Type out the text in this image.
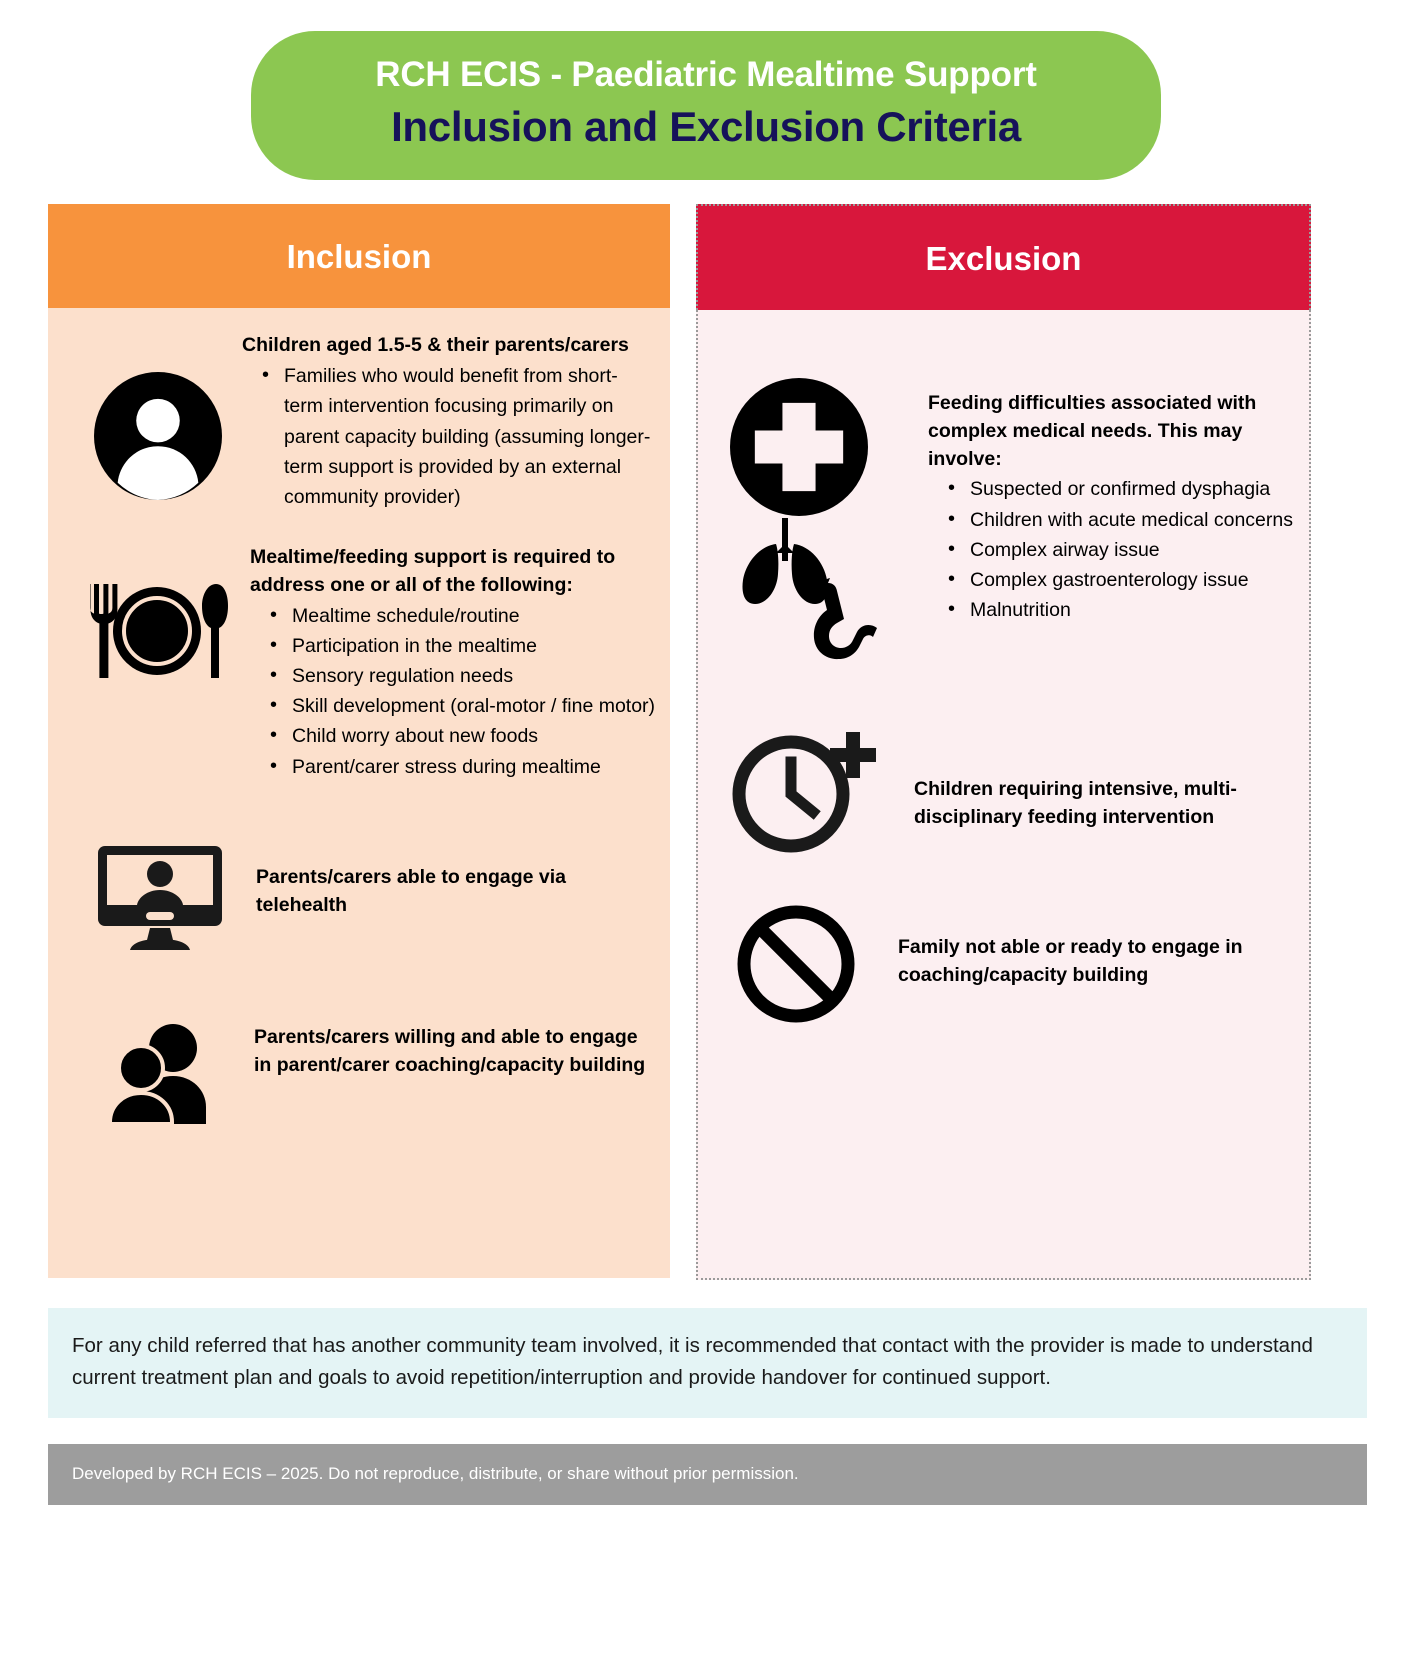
RCH ECIS - Paediatric Mealtime Support
Inclusion and Exclusion Criteria
Inclusion
Children aged 1.5-5 & their parents/carers
• Families who would benefit from short-term intervention focusing primarily on parent capacity building (assuming longer-term support is provided by an external community provider)
Mealtime/feeding support is required to address one or all of the following:
• Mealtime schedule/routine
• Participation in the mealtime
• Sensory regulation needs
• Skill development (oral-motor / fine motor)
• Child worry about new foods
• Parent/carer stress during mealtime
Parents/carers able to engage via telehealth
Parents/carers willing and able to engage in parent/carer coaching/capacity building
Exclusion
Feeding difficulties associated with complex medical needs. This may involve:
• Suspected or confirmed dysphagia
• Children with acute medical concerns
• Complex airway issue
• Complex gastroenterology issue
• Malnutrition
Children requiring intensive, multi-disciplinary feeding intervention
Family not able or ready to engage in coaching/capacity building

For any child referred that has another community team involved, it is recommended that contact with the provider is made to understand current treatment plan and goals to avoid repetition/interruption and provide handover for continued support.

Developed by RCH ECIS – 2025. Do not reproduce, distribute, or share without prior permission.
